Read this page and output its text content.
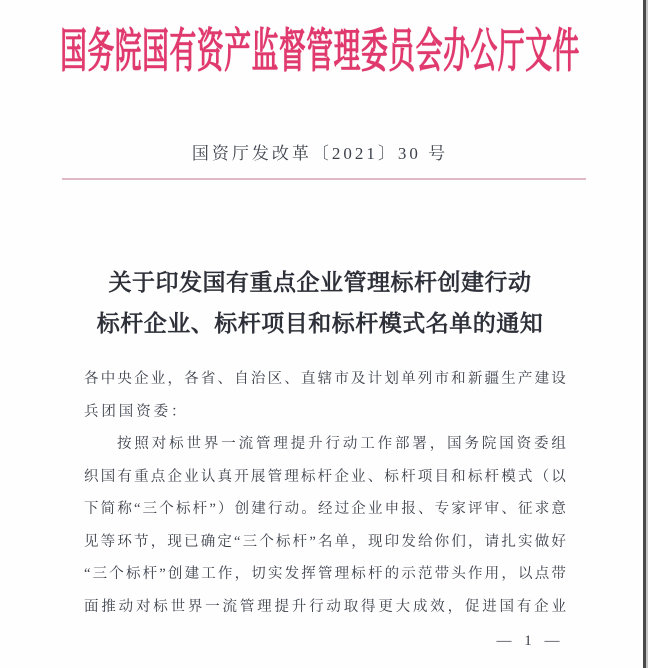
国务院国有资产监督管理委员会办公厅文件
国资厅发改革〔2021〕30 号
关于印发国有重点企业管理标杆创建行动
标杆企业、标杆项目和标杆模式名单的通知
各 中 央 企 业 ， 各 省 、 自 治 区 、 直 辖 市 及 计 划 单 列 市 和 新 疆 生 产 建 设
兵团国资委：
按 照 对 标 世 界 一 流 管 理 提 升 行 动 工 作 部 署 ， 国 务 院 国 资 委 组
织 国 有 重 点 企 业 认 真 开 展 管 理 标 杆 企 业 、 标 杆 项 目 和 标 杆 模 式 （ 以
下 简 称 “ 三 个 标 杆 ” ） 创 建 行 动 。 经 过 企 业 申 报 、 专 家 评 审 、 征 求 意
见 等 环 节 ， 现 已 确 定 “ 三 个 标 杆 ” 名 单 ， 现 印 发 给 你 们 ， 请 扎 实 做 好
“ 三 个 标 杆 ” 创 建 工 作 ， 切 实 发 挥 管 理 标 杆 的 示 范 带 头 作 用 ， 以 点 带
面 推 动 对 标 世 界 一 流 管 理 提 升 行 动 取 得 更 大 成 效 ， 促 进 国 有 企 业
— 1 —
